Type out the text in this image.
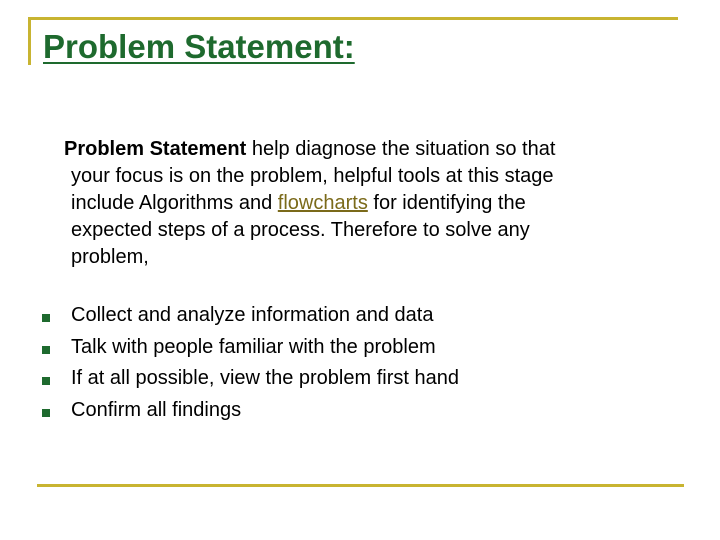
Problem Statement:
Problem Statement help diagnose the situation so that
your focus is on the problem, helpful tools at this stage
include Algorithms and flowcharts for identifying the
expected steps of a process. Therefore to solve any
problem,
Collect and analyze information and data
Talk with people familiar with the problem
If at all possible, view the problem first hand
Confirm all findings
